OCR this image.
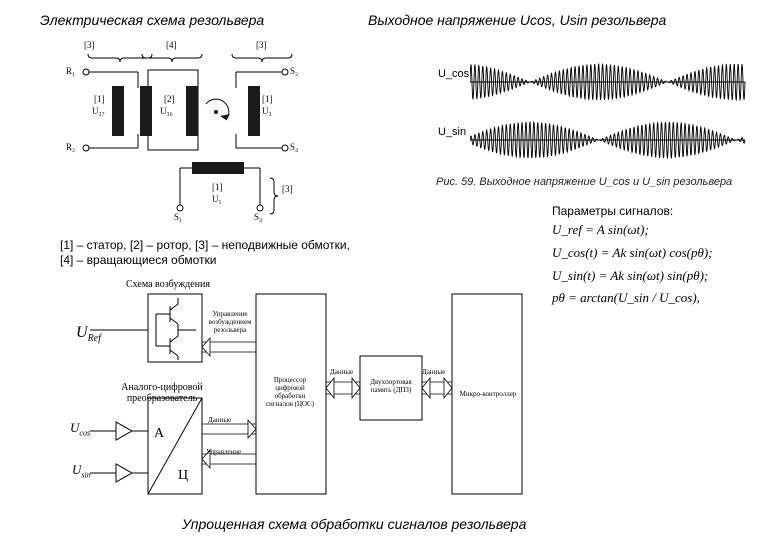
Электрическая схема резольвера	Выходное напряжение Ucos, Usin резольвера
[3]	[4]	[3]
R₁
R₂
S₂
S₄
S₁	S₃
[1]
U₃₇
[2]
U₃₆
[1]
U₃
[1]
U₁
[3]
[1] – статор, [2] – ротор, [3] – неподвижные обмотки, [4] – вращающиеся обмотки
U_cos
U_sin
Рис. 59. Выходное напряжение U_cos и U_sin резольвера
Параметры сигналов:
U_ref = A sin(ωt);
U_cos(t) = Ak sin(ωt) cos(pθ);
U_sin(t) = Ak sin(ωt) sin(pθ);
pθ = arctan(U_sin / U_cos),
Схема возбуждения
Управление возбуждением резольвера
Аналого-цифровой преобразователь
$U_{Ref}$
$U_{cos}$
$U_{sin}$
А
Ц
Данные
Управление
Процессор цифровой обработки сигналов (ЦОС)
Данные
Двухпортовая память (ДПЗ)
Данные
Микро-контроллер
Упрощенная схема обработки сигналов резольвера
